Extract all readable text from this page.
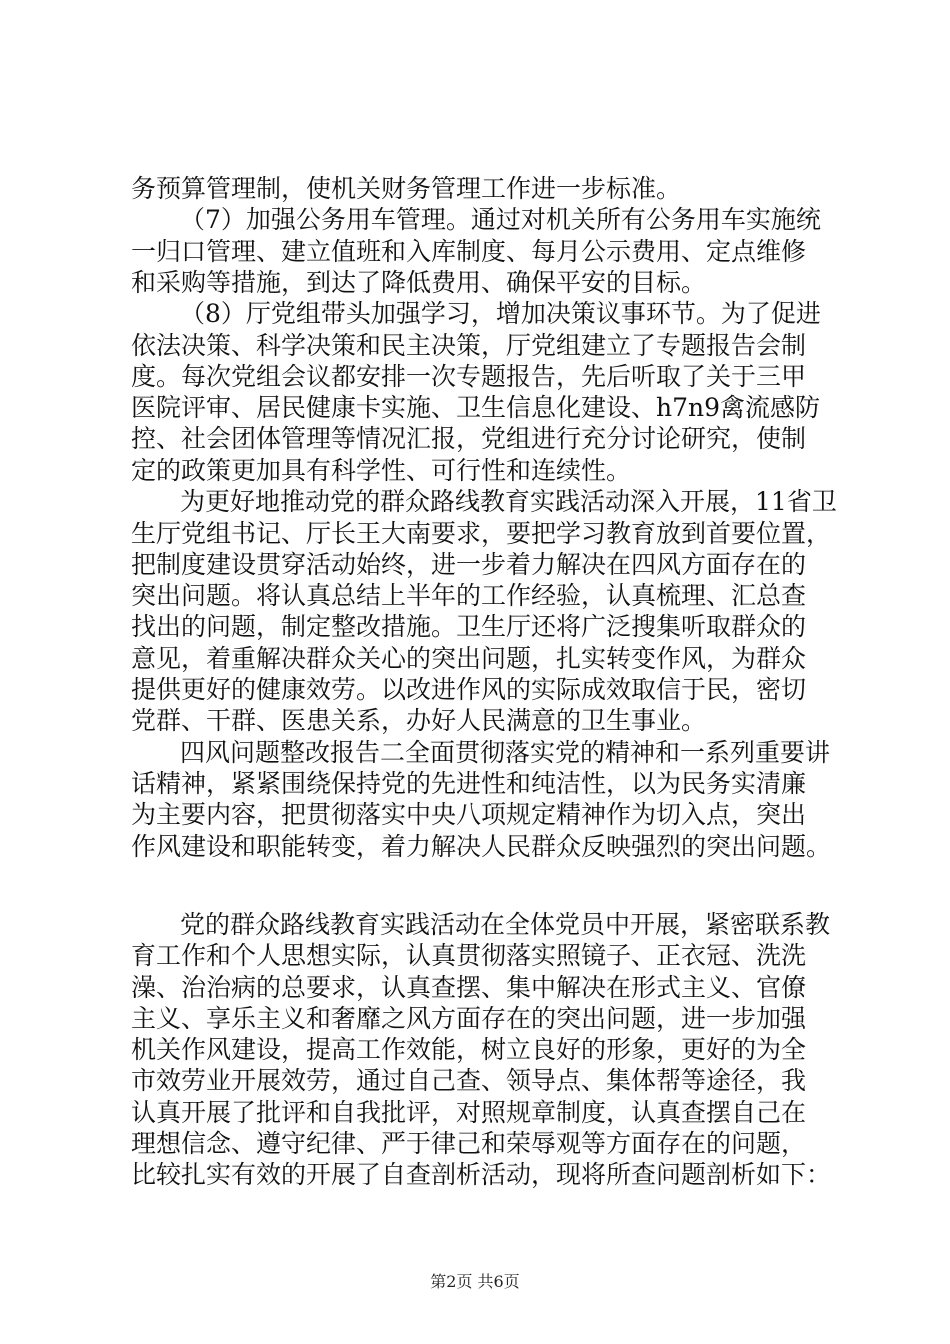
务预算管理制，使机关财务管理工作进一步标准。

（7）加强公务用车管理。通过对机关所有公务用车实施统

一归口管理、建立值班和入库制度、每月公示费用、定点维修

和采购等措施，到达了降低费用、确保平安的目标。

（8）厅党组带头加强学习，增加决策议事环节。为了促进

依法决策、科学决策和民主决策，厅党组建立了专题报告会制

度。每次党组会议都安排一次专题报告，先后听取了关于三甲

医院评审、居民健康卡实施、卫生信息化建设、h7n9禽流感防

控、社会团体管理等情况汇报，党组进行充分讨论研究，使制

定的政策更加具有科学性、可行性和连续性。

为更好地推动党的群众路线教育实践活动深入开展，11省卫

生厅党组书记、厅长王大南要求，要把学习教育放到首要位置，

把制度建设贯穿活动始终，进一步着力解决在四风方面存在的

突出问题。将认真总结上半年的工作经验，认真梳理、汇总查

找出的问题，制定整改措施。卫生厅还将广泛搜集听取群众的

意见，着重解决群众关心的突出问题，扎实转变作风，为群众

提供更好的健康效劳。以改进作风的实际成效取信于民，密切

党群、干群、医患关系，办好人民满意的卫生事业。

四风问题整改报告二全面贯彻落实党的精神和一系列重要讲

话精神，紧紧围绕保持党的先进性和纯洁性，以为民务实清廉

为主要内容，把贯彻落实中央八项规定精神作为切入点，突出

作风建设和职能转变，着力解决人民群众反映强烈的突出问题。

党的群众路线教育实践活动在全体党员中开展，紧密联系教

育工作和个人思想实际，认真贯彻落实照镜子、正衣冠、洗洗

澡、治治病的总要求，认真查摆、集中解决在形式主义、官僚

主义、享乐主义和奢靡之风方面存在的突出问题，进一步加强

机关作风建设，提高工作效能，树立良好的形象，更好的为全

市效劳业开展效劳，通过自己查、领导点、集体帮等途径，我

认真开展了批评和自我批评，对照规章制度，认真查摆自己在

理想信念、遵守纪律、严于律己和荣辱观等方面存在的问题，

比较扎实有效的开展了自查剖析活动，现将所查问题剖析如下：

第2页 共6页
